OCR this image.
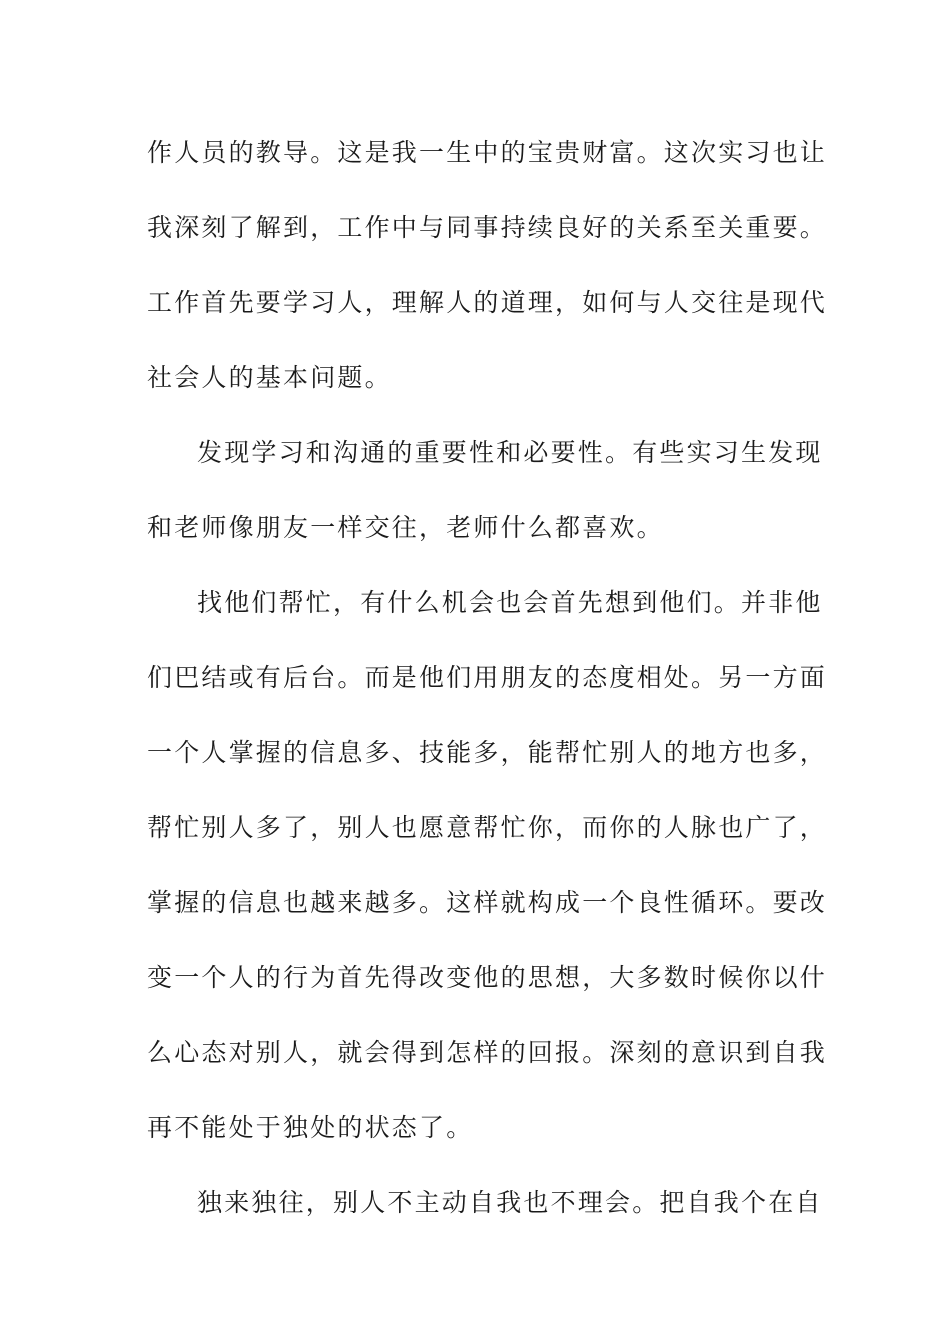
作人员的教导。这是我一生中的宝贵财富。这次实习也让
我深刻了解到，工作中与同事持续良好的关系至关重要。
工作首先要学习人，理解人的道理，如何与人交往是现代
社会人的基本问题。
发现学习和沟通的重要性和必要性。有些实习生发现
和老师像朋友一样交往，老师什么都喜欢。
找他们帮忙，有什么机会也会首先想到他们。并非他
们巴结或有后台。而是他们用朋友的态度相处。另一方面
一个人掌握的信息多、技能多，能帮忙别人的地方也多，
帮忙别人多了，别人也愿意帮忙你，而你的人脉也广了，
掌握的信息也越来越多。这样就构成一个良性循环。要改
变一个人的行为首先得改变他的思想，大多数时候你以什
么心态对别人，就会得到怎样的回报。深刻的意识到自我
再不能处于独处的状态了。
独来独往，别人不主动自我也不理会。把自我个在自
